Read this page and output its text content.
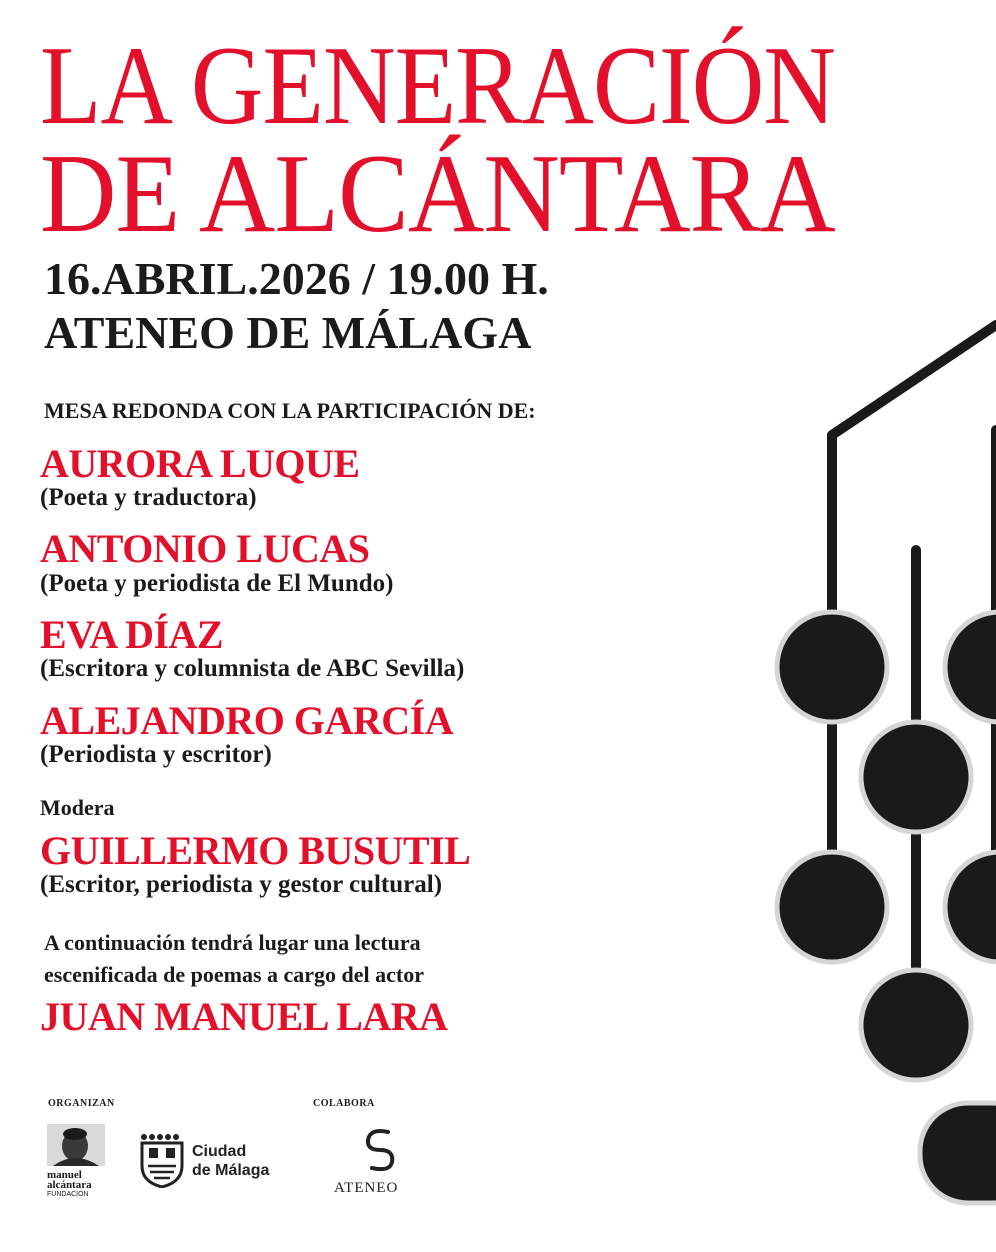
LA GENERACIÓN
DE ALCÁNTARA
16.ABRIL.2026 / 19.00 H.
ATENEO DE MÁLAGA
MESA REDONDA CON LA PARTICIPACIÓN DE:
AURORA LUQUE
(Poeta y traductora)
ANTONIO LUCAS
(Poeta y periodista de El Mundo)
EVA DÍAZ
(Escritora y columnista de ABC Sevilla)
ALEJANDRO GARCÍA
(Periodista y escritor)
Modera
GUILLERMO BUSUTIL
(Escritor, periodista y gestor cultural)
A continuación tendrá lugar una lectura
escenificada de poemas a cargo del actor
JUAN MANUEL LARA
ORGANIZAN	COLABORA
manuel
alcántara
FUNDACIÓN
Ciudad
de Málaga
ATENEO
